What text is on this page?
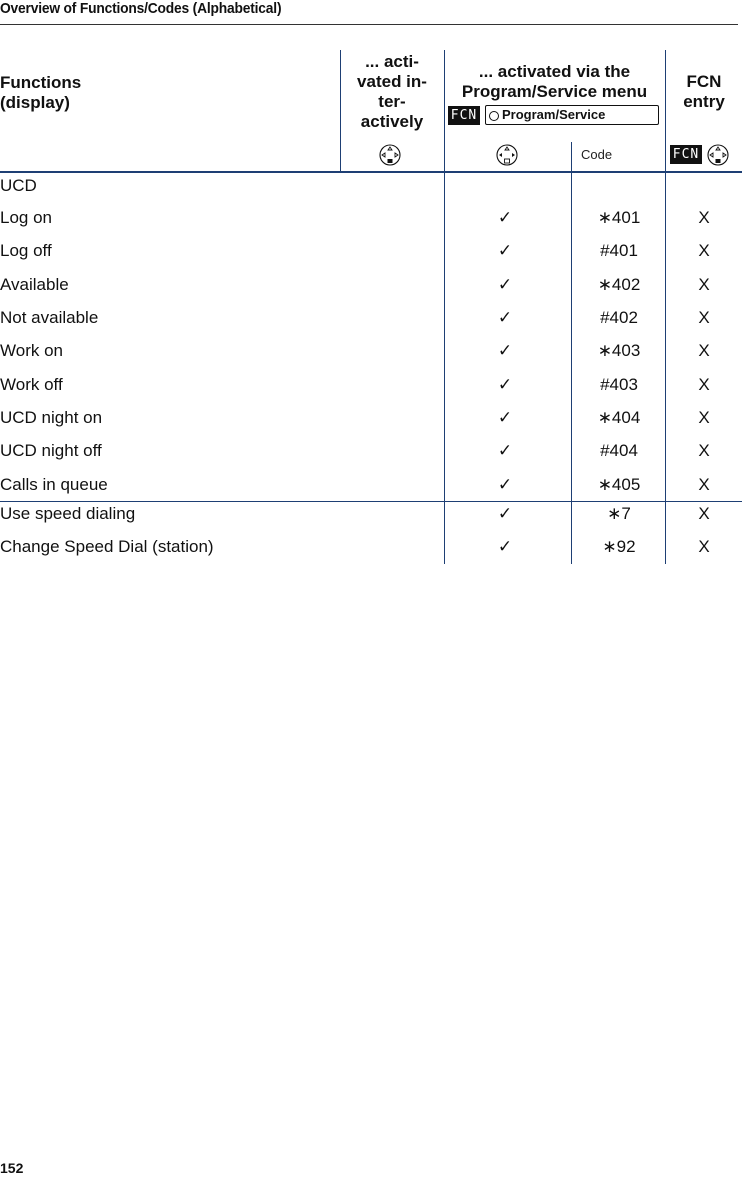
Overview of Functions/Codes (Alphabetical)
Functions
(display)
... acti-
vated in-
ter-
actively
... activated via the
Program/Service menu
FCN	Program/Service
FCN
entry
Code	FCN
UCD
Log on	✓	∗401	X
Log off	✓	#401	X
Available	✓	∗402	X
Not available	✓	#402	X
Work on	✓	∗403	X
Work off	✓	#403	X
UCD night on	✓	∗404	X
UCD night off	✓	#404	X
Calls in queue	✓	∗405	X
Use speed dialing	✓	∗7	X
Change Speed Dial (station)	✓	∗92	X
152
